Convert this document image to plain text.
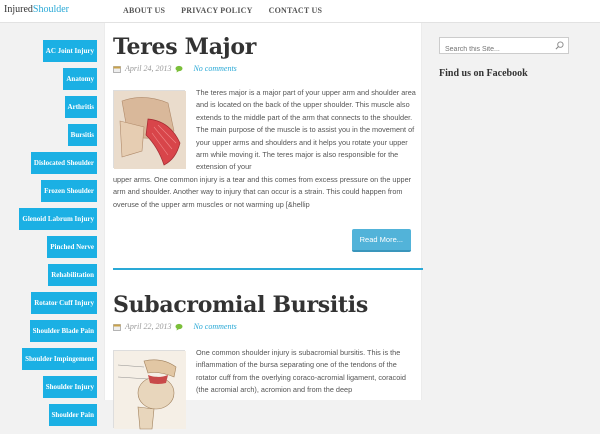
InjuredShoulder	ABOUT US PRIVACY POLICY CONTACT US
AC Joint Injury
Anatomy
Arthritis
Bursitis
Dislocated Shoulder
Frozen Shoulder
Glenoid Labrum Injury
Pinched Nerve
Rehabilitation
Rotator Cuff Injury
Shoulder Blade Pain
Shoulder Impingement
Shoulder Injury
Shoulder Pain
Teres Major
April 24, 2013	No comments

The teres major is a major part of your upper arm and shoulder area and is located on the back of the upper shoulder. This muscle also extends to the middle part of the arm that connects to the shoulder. The main purpose of the muscle is to assist you in the movement of your upper arms and shoulders and it helps you rotate your upper arm while moving it. The teres major is also responsible for the extension of your

upper arms. One common injury is a tear and this comes from excess pressure on the upper arm and shoulder. Another way to injury that can occur is a strain. This could happen from overuse of the upper arm muscles or not warming up [&hellip

Read More...
Subacromial Bursitis
April 22, 2013	No comments

One common shoulder injury is subacromial bursitis. This is the inflammation of the bursa separating one of the tendons of the rotator cuff from the overlying coraco-acromial ligament, coracoid (the acromial arch), acromion and from the deep

Search this Site...
Find us on Facebook
